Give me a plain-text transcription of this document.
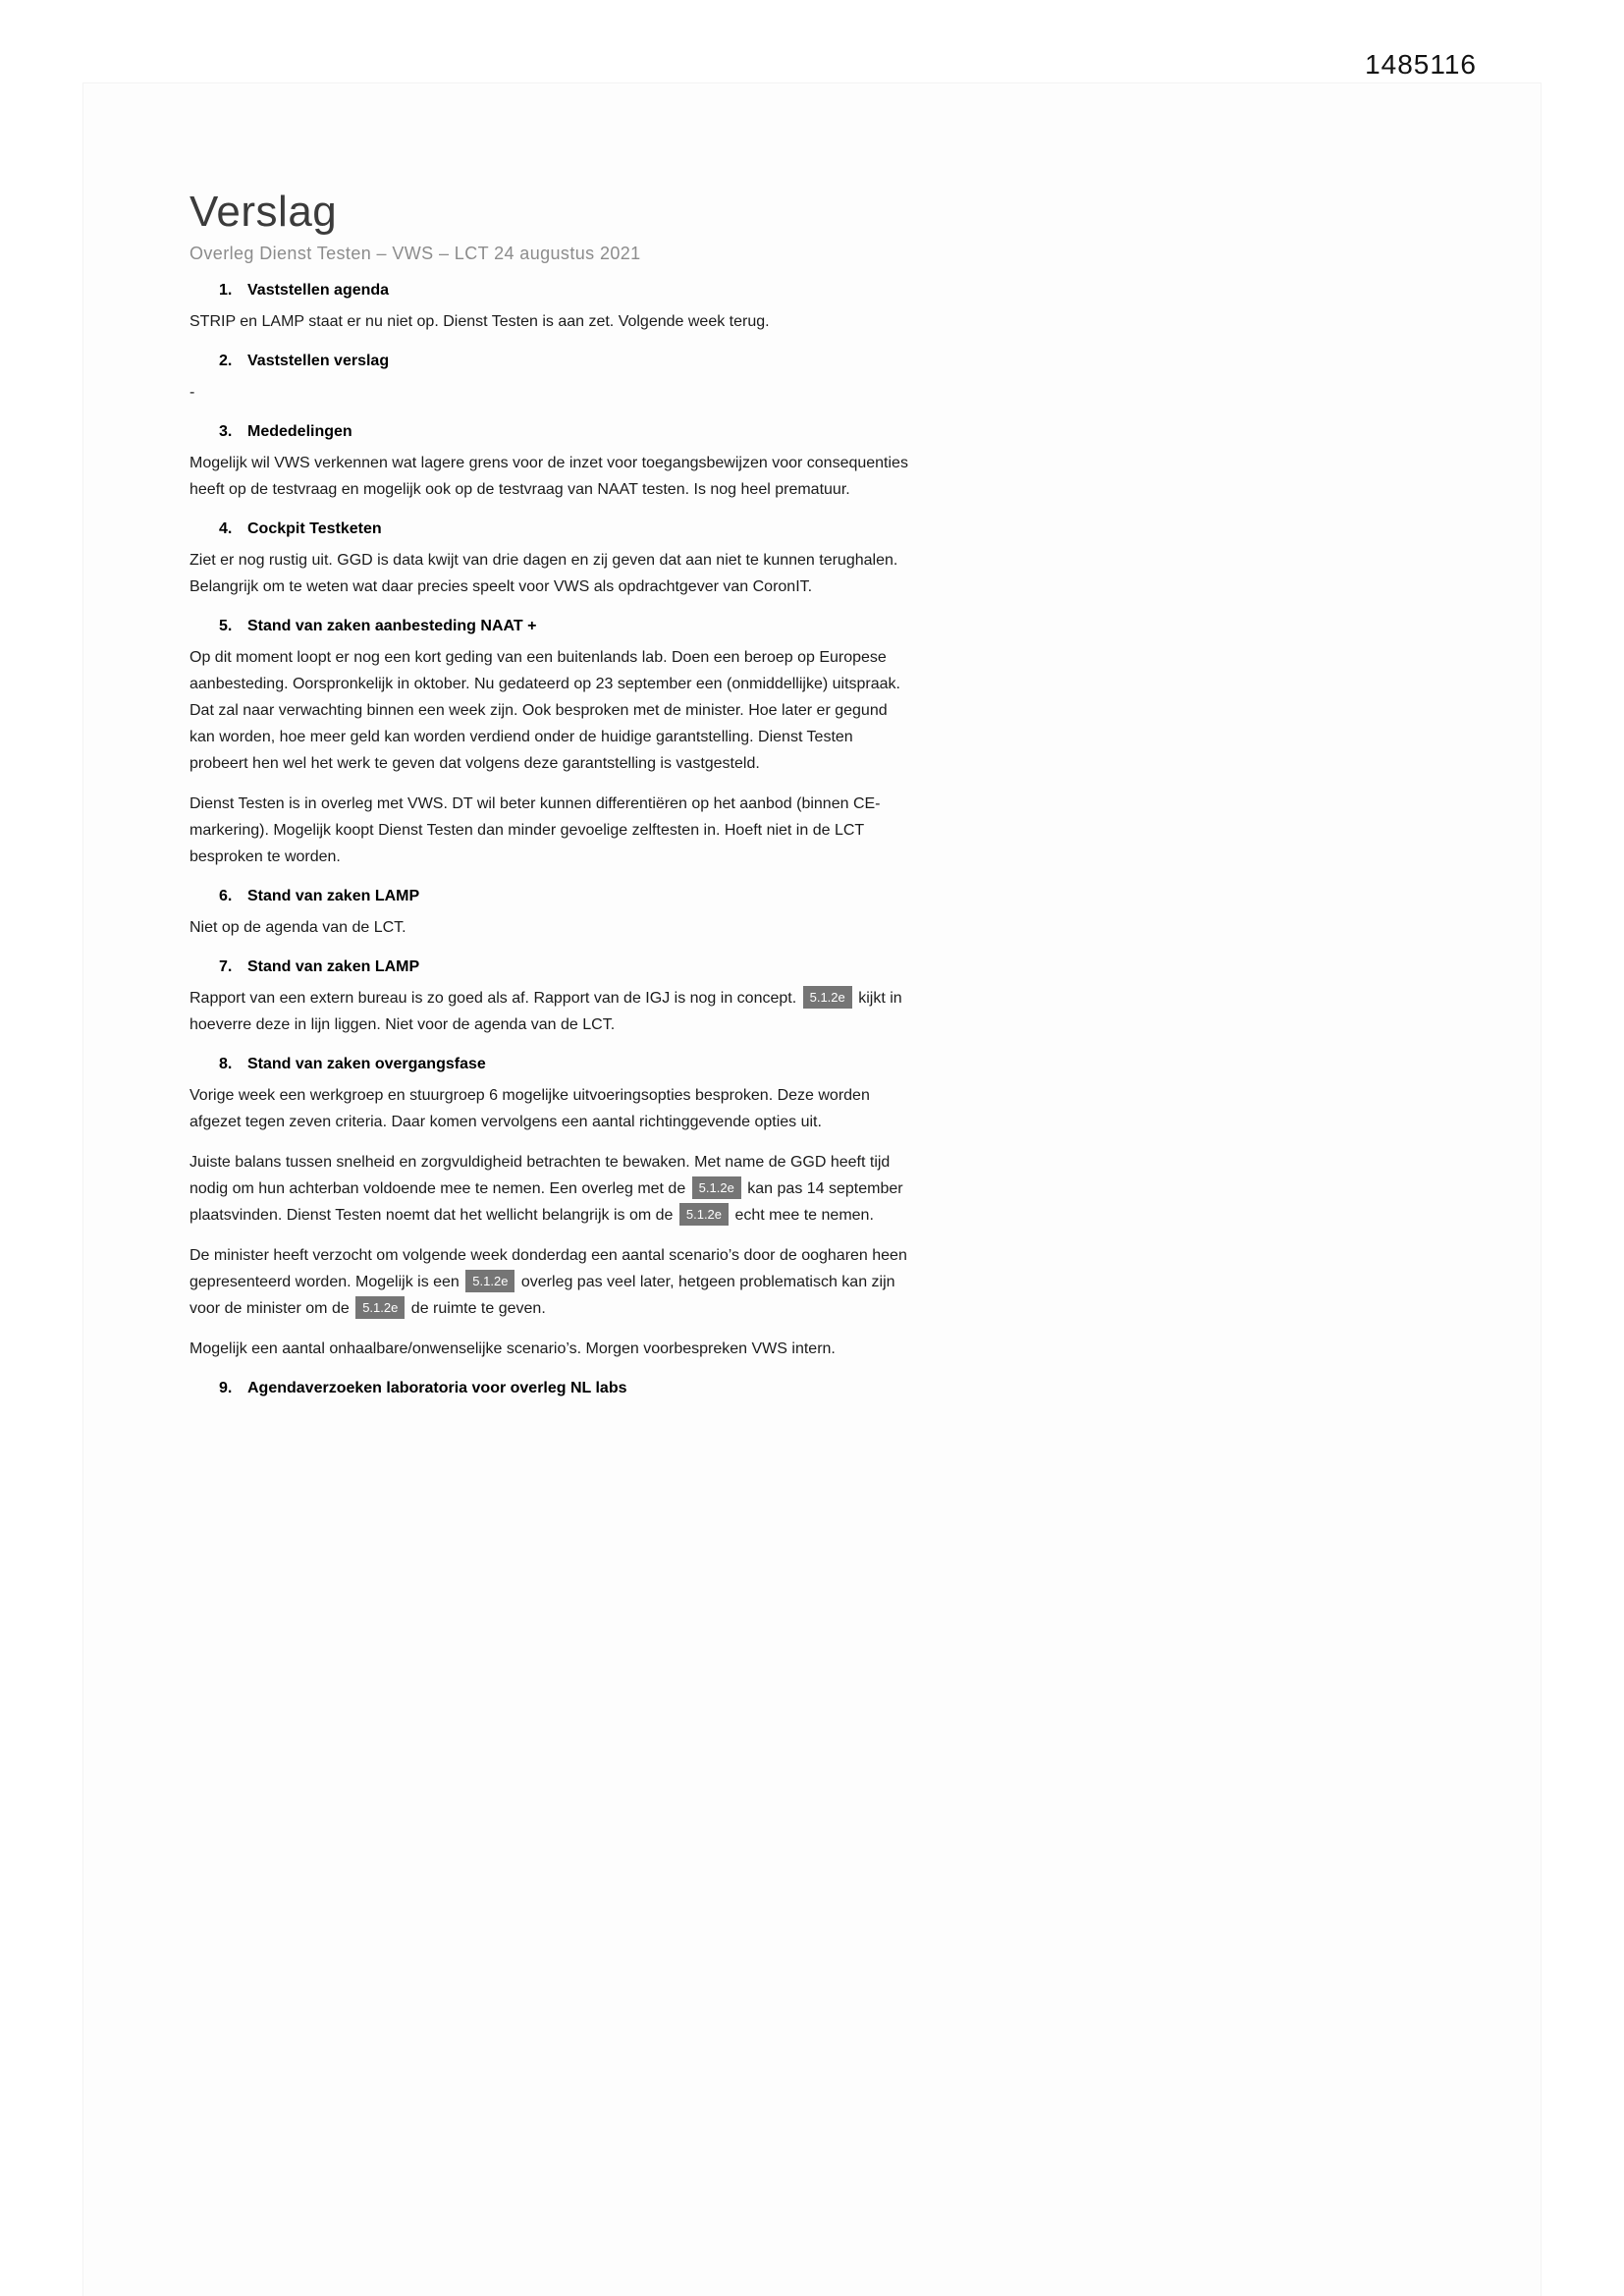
1485116
Verslag
Overleg Dienst Testen – VWS – LCT 24 augustus 2021
1. Vaststellen agenda

STRIP en LAMP staat er nu niet op. Dienst Testen is aan zet. Volgende week terug.

2. Vaststellen verslag

-

3. Mededelingen

Mogelijk wil VWS verkennen wat lagere grens voor de inzet voor toegangsbewijzen voor consequenties heeft op de testvraag en mogelijk ook op de testvraag van NAAT testen. Is nog heel prematuur.

4. Cockpit Testketen

Ziet er nog rustig uit. GGD is data kwijt van drie dagen en zij geven dat aan niet te kunnen terughalen. Belangrijk om te weten wat daar precies speelt voor VWS als opdrachtgever van CoronIT.

5. Stand van zaken aanbesteding NAAT +

Op dit moment loopt er nog een kort geding van een buitenlands lab. Doen een beroep op Europese aanbesteding. Oorspronkelijk in oktober. Nu gedateerd op 23 september een (onmiddellijke) uitspraak. Dat zal naar verwachting binnen een week zijn. Ook besproken met de minister. Hoe later er gegund kan worden, hoe meer geld kan worden verdiend onder de huidige garantstelling. Dienst Testen probeert hen wel het werk te geven dat volgens deze garantstelling is vastgesteld.

Dienst Testen is in overleg met VWS. DT wil beter kunnen differentiëren op het aanbod (binnen CE-markering). Mogelijk koopt Dienst Testen dan minder gevoelige zelftesten in. Hoeft niet in de LCT besproken te worden.

6. Stand van zaken LAMP

Niet op de agenda van de LCT.

7. Stand van zaken LAMP

Rapport van een extern bureau is zo goed als af. Rapport van de IGJ is nog in concept. 5.1.2e kijkt in hoeverre deze in lijn liggen. Niet voor de agenda van de LCT.

8. Stand van zaken overgangsfase

Vorige week een werkgroep en stuurgroep 6 mogelijke uitvoeringsopties besproken. Deze worden afgezet tegen zeven criteria. Daar komen vervolgens een aantal richtinggevende opties uit.

Juiste balans tussen snelheid en zorgvuldigheid betrachten te bewaken. Met name de GGD heeft tijd nodig om hun achterban voldoende mee te nemen. Een overleg met de 5.1.2e kan pas 14 september plaatsvinden. Dienst Testen noemt dat het wellicht belangrijk is om de 5.1.2e echt mee te nemen.

De minister heeft verzocht om volgende week donderdag een aantal scenario’s door de oogharen heen gepresenteerd worden. Mogelijk is een 5.1.2e overleg pas veel later, hetgeen problematisch kan zijn voor de minister om de 5.1.2e de ruimte te geven.

Mogelijk een aantal onhaalbare/onwenselijke scenario’s. Morgen voorbespreken VWS intern.

9. Agendaverzoeken laboratoria voor overleg NL labs
